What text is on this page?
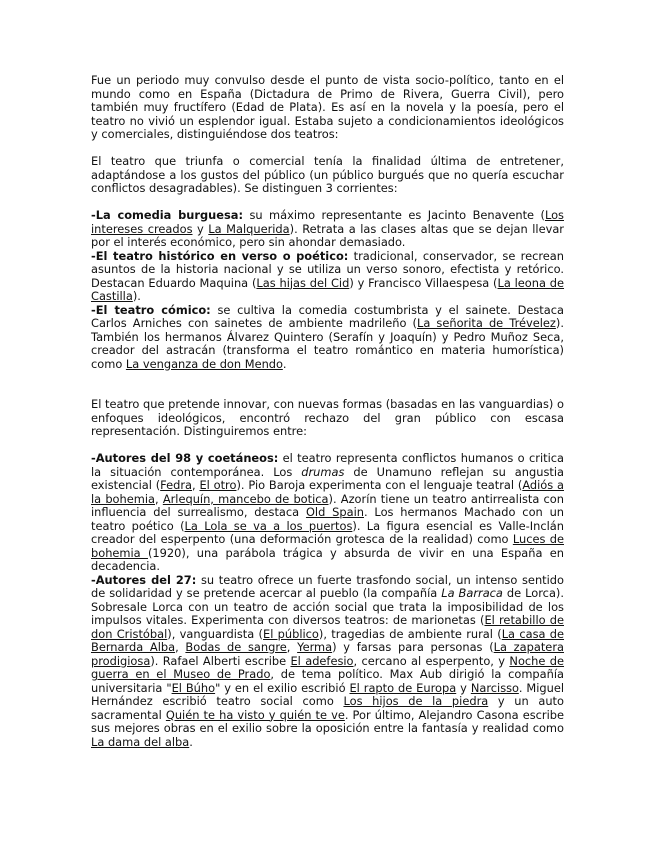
Fue un periodo muy convulso desde el punto de vista socio-político, tanto en el mundo como en España (Dictadura de Primo de Rivera, Guerra Civil), pero también muy fructífero (Edad de Plata). Es así en la novela y la poesía, pero el teatro no vivió un esplendor igual. Estaba sujeto a condicionamientos ideológicos y comerciales, distinguiéndose dos teatros:

El teatro que triunfa o comercial tenía la finalidad última de entretener, adaptándose a los gustos del público (un público burgués que no quería escuchar conflictos desagradables). Se distinguen 3 corrientes:

-La comedia burguesa: su máximo representante es Jacinto Benavente (Los intereses creados y La Malquerida). Retrata a las clases altas que se dejan llevar por el interés económico, pero sin ahondar demasiado.

-El teatro histórico en verso o poético: tradicional, conservador, se recrean asuntos de la historia nacional y se utiliza un verso sonoro, efectista y retórico. Destacan Eduardo Maquina (Las hijas del Cid) y Francisco Villaespesa (La leona de Castilla).

-El teatro cómico: se cultiva la comedia costumbrista y el sainete. Destaca Carlos Arniches con sainetes de ambiente madrileño (La señorita de Trévelez). También los hermanos Álvarez Quintero (Serafín y Joaquín) y Pedro Muñoz Seca, creador del astracán (transforma el teatro romántico en materia humorística) como La venganza de don Mendo.

El teatro que pretende innovar, con nuevas formas (basadas en las vanguardias) o enfoques ideológicos, encontró rechazo del gran público con escasa representación. Distinguiremos entre:

-Autores del 98 y coetáneos: el teatro representa conflictos humanos o critica la situación contemporánea. Los drumas de Unamuno reflejan su angustia existencial (Fedra, El otro). Pio Baroja experimenta con el lenguaje teatral (Adiós a la bohemia, Arlequín, mancebo de botica). Azorín tiene un teatro antirrealista con influencia del surrealismo, destaca Old Spain. Los hermanos Machado con un teatro poético (La Lola se va a los puertos). La figura esencial es Valle-Inclán creador del esperpento (una deformación grotesca de la realidad) como Luces de bohemia (1920), una parábola trágica y absurda de vivir en una España en decadencia.

-Autores del 27: su teatro ofrece un fuerte trasfondo social, un intenso sentido de solidaridad y se pretende acercar al pueblo (la compañía La Barraca de Lorca). Sobresale Lorca con un teatro de acción social que trata la imposibilidad de los impulsos vitales. Experimenta con diversos teatros: de marionetas (El retabillo de don Cristóbal), vanguardista (El público), tragedias de ambiente rural (La casa de Bernarda Alba, Bodas de sangre, Yerma) y farsas para personas (La zapatera prodigiosa). Rafael Alberti escribe El adefesio, cercano al esperpento, y Noche de guerra en el Museo de Prado, de tema político. Max Aub dirigió la compañía universitaria "El Búho" y en el exilio escribió El rapto de Europa y Narcisso. Miguel Hernández escribió teatro social como Los hijos de la piedra y un auto sacramental Quién te ha visto y quién te ve. Por último, Alejandro Casona escribe sus mejores obras en el exilio sobre la oposición entre la fantasía y realidad como La dama del alba.
